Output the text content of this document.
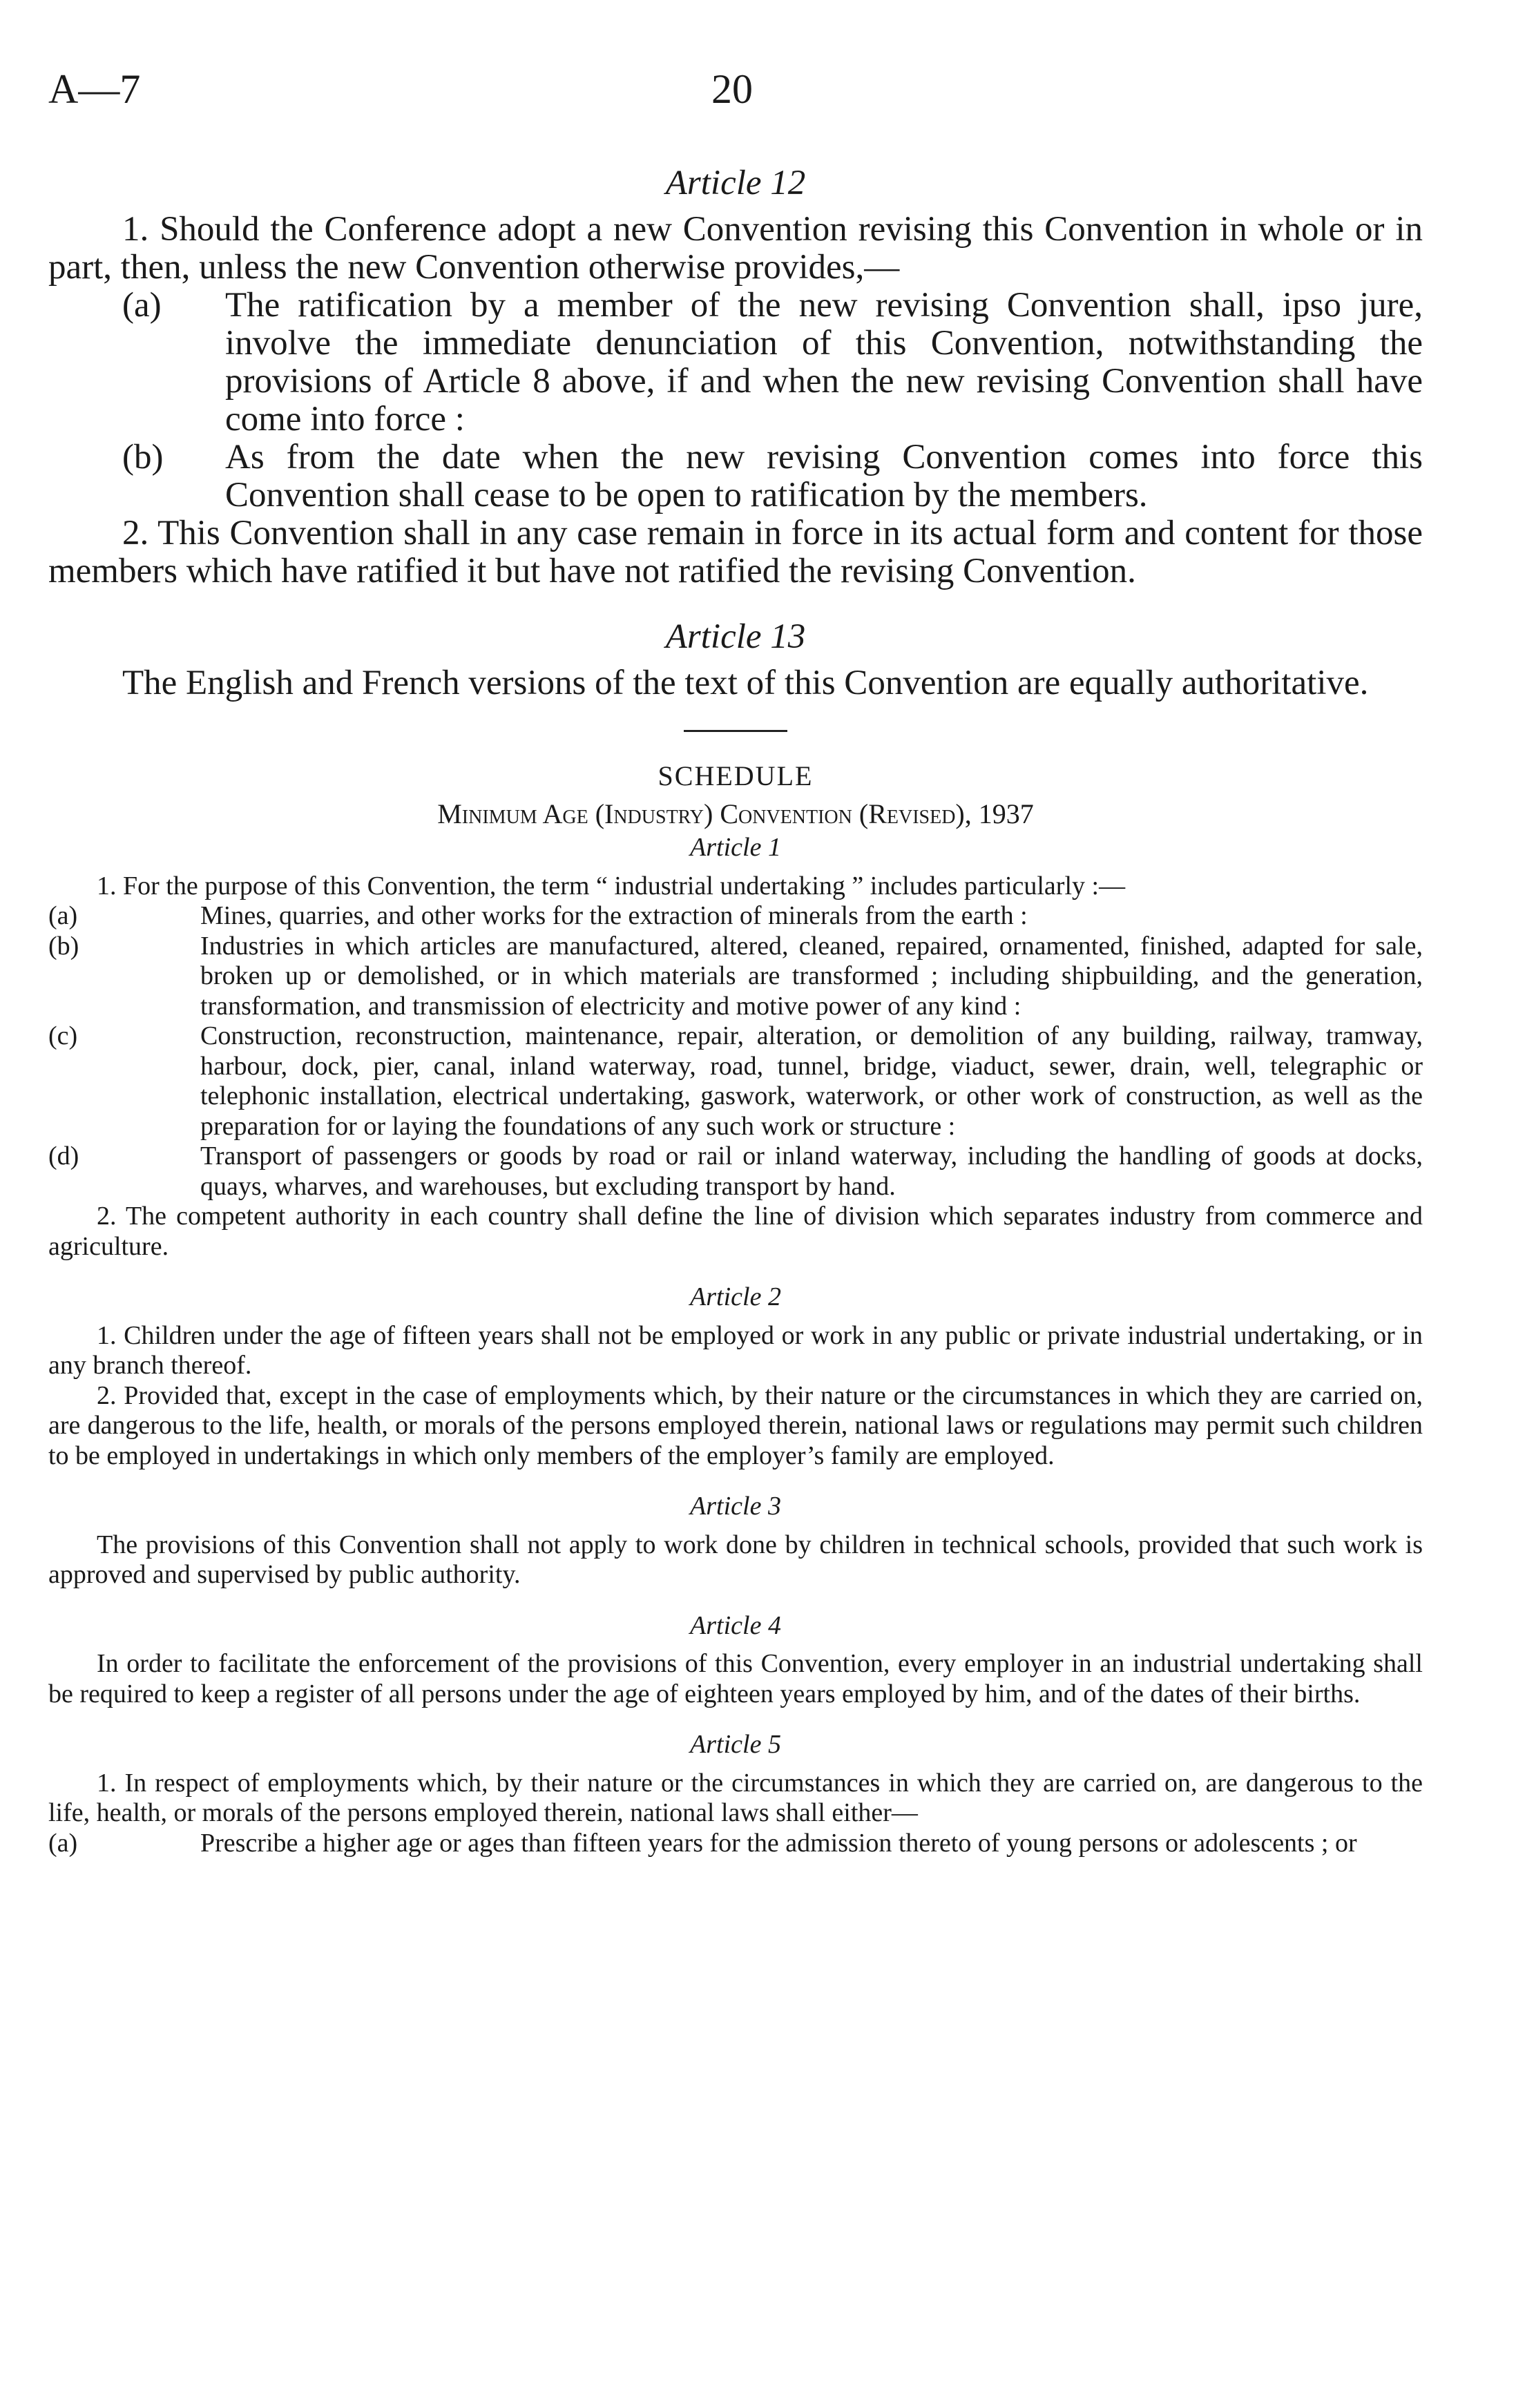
A—7	20
Article 12

1. Should the Conference adopt a new Convention revising this Convention in whole or in part, then, unless the new Convention otherwise provides,—

(a) The ratification by a member of the new revising Convention shall, ipso jure, involve the immediate denunciation of this Convention, notwithstanding the provisions of Article 8 above, if and when the new revising Convention shall have come into force :
(b) As from the date when the new revising Convention comes into force this Convention shall cease to be open to ratification by the members.

2. This Convention shall in any case remain in force in its actual form and content for those members which have ratified it but have not ratified the revising Convention.

Article 13

The English and French versions of the text of this Convention are equally authoritative.

SCHEDULE
Minimum Age (Industry) Convention (Revised), 1937
Article 1

1. For the purpose of this Convention, the term “ industrial undertaking ” includes particularly :—

(a)	Mines, quarries, and other works for the extraction of minerals from the earth :
(b)	Industries in which articles are manufactured, altered, cleaned, repaired, ornamented, finished, adapted for sale, broken up or demolished, or in which materials are transformed ; including shipbuilding, and the generation, transformation, and transmission of electricity and motive power of any kind :
(c)	Construction, reconstruction, maintenance, repair, alteration, or demolition of any building, railway, tramway, harbour, dock, pier, canal, inland waterway, road, tunnel, bridge, viaduct, sewer, drain, well, telegraphic or telephonic installation, electrical undertaking, gaswork, waterwork, or other work of construction, as well as the preparation for or laying the foundations of any such work or structure :
(d)	Transport of passengers or goods by road or rail or inland waterway, including the handling of goods at docks, quays, wharves, and warehouses, but excluding transport by hand.

2. The competent authority in each country shall define the line of division which separates industry from commerce and agriculture.

Article 2

1. Children under the age of fifteen years shall not be employed or work in any public or private industrial undertaking, or in any branch thereof.

2. Provided that, except in the case of employments which, by their nature or the circumstances in which they are carried on, are dangerous to the life, health, or morals of the persons employed therein, national laws or regulations may permit such children to be employed in undertakings in which only members of the employer’s family are employed.

Article 3

The provisions of this Convention shall not apply to work done by children in technical schools, provided that such work is approved and supervised by public authority.

Article 4

In order to facilitate the enforcement of the provisions of this Convention, every employer in an industrial undertaking shall be required to keep a register of all persons under the age of eighteen years employed by him, and of the dates of their births.

Article 5

1. In respect of employments which, by their nature or the circumstances in which they are carried on, are dangerous to the life, health, or morals of the persons employed therein, national laws shall either—

(a)	Prescribe a higher age or ages than fifteen years for the admission thereto of young persons or adolescents ; or
